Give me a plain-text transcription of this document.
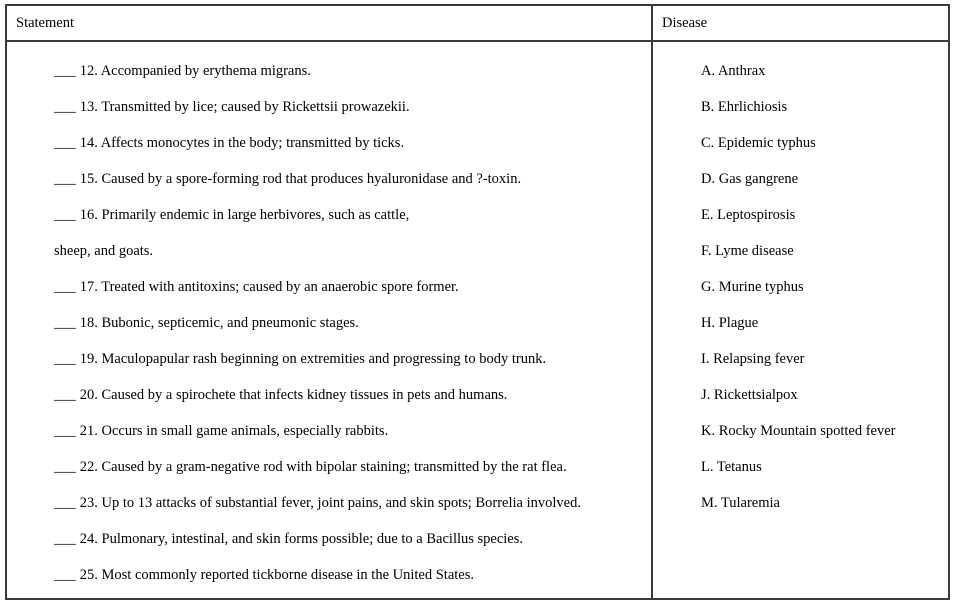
Statement	Disease
___ 12. Accompanied by erythema migrans.
___ 13. Transmitted by lice; caused by Rickettsii prowazekii.
___ 14. Affects monocytes in the body; transmitted by ticks.
___ 15. Caused by a spore-forming rod that produces hyaluronidase and ?-toxin.
___ 16. Primarily endemic in large herbivores, such as cattle,
sheep, and goats.
___ 17. Treated with antitoxins; caused by an anaerobic spore former.
___ 18. Bubonic, septicemic, and pneumonic stages.
___ 19. Maculopapular rash beginning on extremities and progressing to body trunk.
___ 20. Caused by a spirochete that infects kidney tissues in pets and humans.
___ 21. Occurs in small game animals, especially rabbits.
___ 22. Caused by a gram-negative rod with bipolar staining; transmitted by the rat flea.
___ 23. Up to 13 attacks of substantial fever, joint pains, and skin spots; Borrelia involved.
___ 24. Pulmonary, intestinal, and skin forms possible; due to a Bacillus species.
___ 25. Most commonly reported tickborne disease in the United States.
A. Anthrax
B. Ehrlichiosis
C. Epidemic typhus
D. Gas gangrene
E. Leptospirosis
F. Lyme disease
G. Murine typhus
H. Plague
I. Relapsing fever
J. Rickettsialpox
K. Rocky Mountain spotted fever
L. Tetanus
M. Tularemia
